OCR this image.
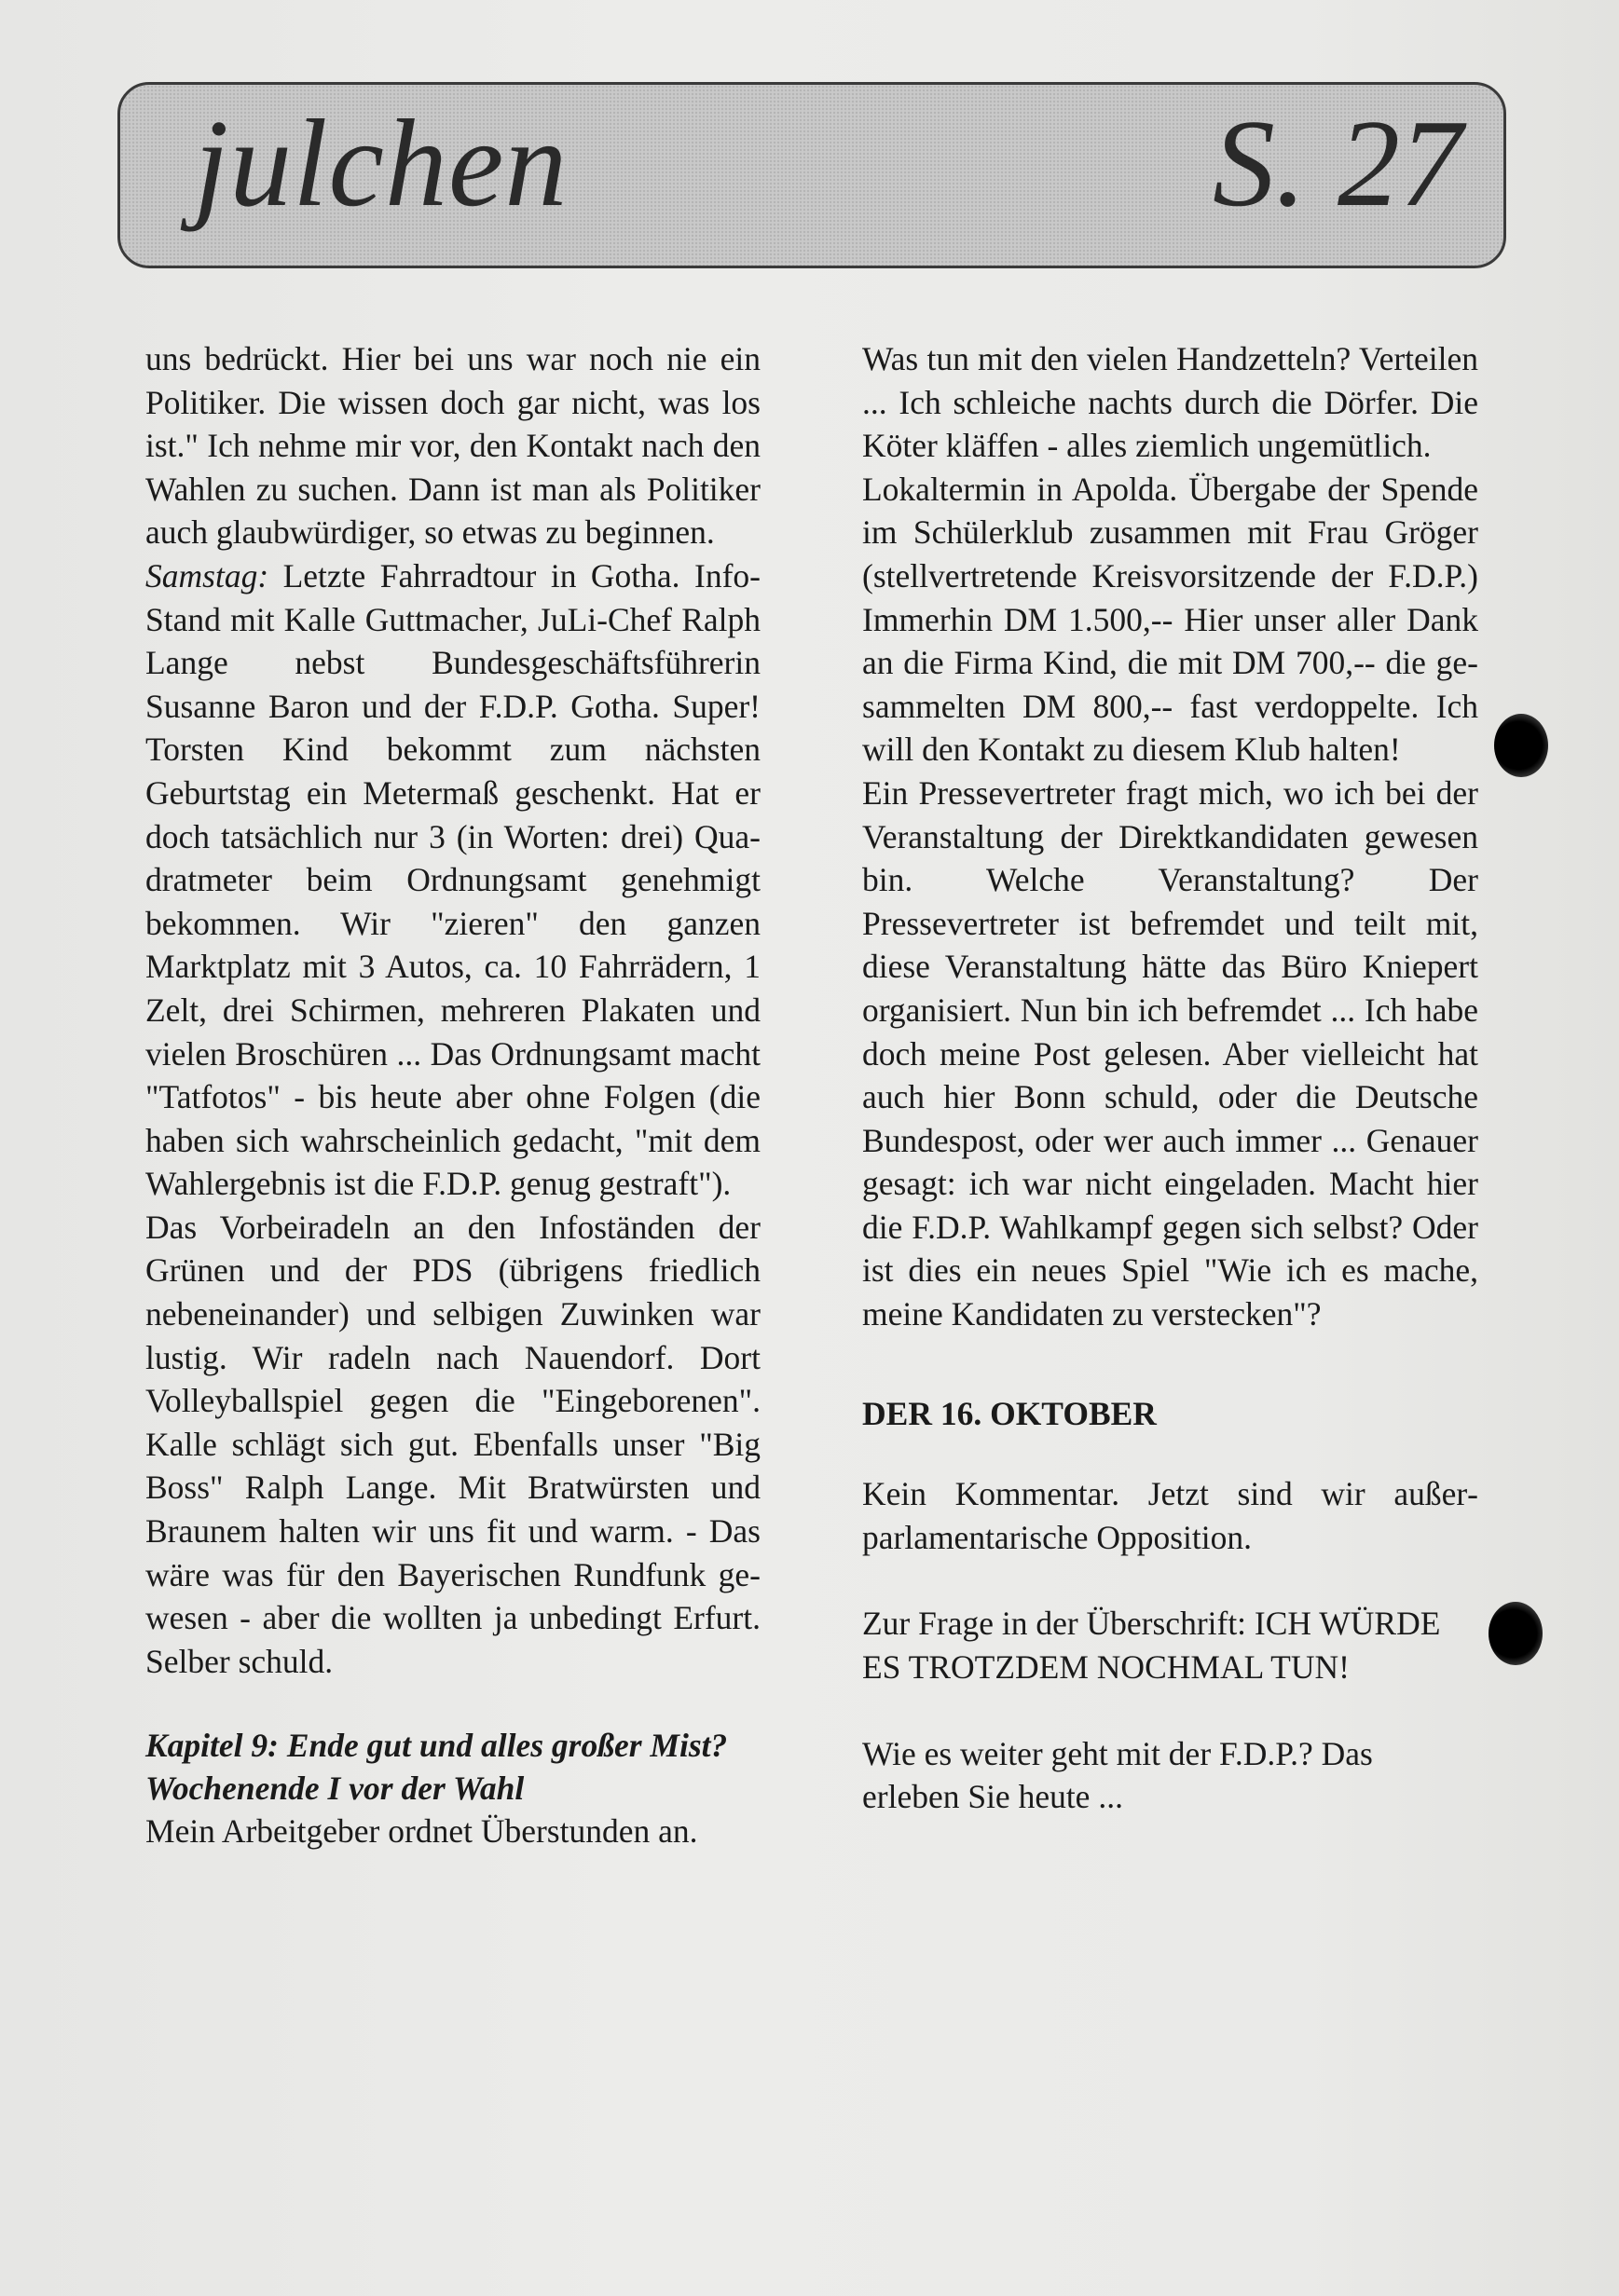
julchen	S. 27

uns bedrückt. Hier bei uns war noch nie ein Politiker. Die wissen doch gar nicht, was los ist." Ich nehme mir vor, den Kontakt nach den Wahlen zu suchen. Dann ist man als Politiker auch glaubwürdiger, so etwas zu beginnen.

Samstag: Letzte Fahrradtour in Gotha. Info-Stand mit Kalle Guttmacher, JuLi-Chef Ralph Lange nebst Bundesgeschäftsführerin Susanne Baron und der F.D.P. Gotha. Super! Torsten Kind bekommt zum nächsten Geburtstag ein Metermaß geschenkt. Hat er doch tatsächlich nur 3 (in Worten: drei) Quadratmeter beim Ordnungsamt genehmigt bekommen. Wir "zieren" den ganzen Marktplatz mit 3 Autos, ca. 10 Fahrrädern, 1 Zelt, drei Schirmen, mehreren Plakaten und vielen Broschüren ... Das Ordnungsamt macht "Tatfotos" - bis heute aber ohne Folgen (die haben sich wahrscheinlich gedacht, "mit dem Wahlergebnis ist die F.D.P. genug gestraft").

Das Vorbeiradeln an den Infoständen der Grünen und der PDS (übrigens friedlich nebeneinander) und selbigen Zuwinken war lustig. Wir radeln nach Nauendorf. Dort Volleyballspiel gegen die "Eingeborenen". Kalle schlägt sich gut. Ebenfalls unser "Big Boss" Ralph Lange. Mit Bratwürsten und Braunem halten wir uns fit und warm. - Das wäre was für den Bayerischen Rundfunk gewesen - aber die wollten ja unbedingt Erfurt. Selber schuld.

Kapitel 9: Ende gut und alles großer Mist? Wochenende I vor der Wahl

Mein Arbeitgeber ordnet Überstunden an.

Was tun mit den vielen Handzetteln? Verteilen ... Ich schleiche nachts durch die Dörfer. Die Köter kläffen - alles ziemlich ungemütlich.

Lokaltermin in Apolda. Übergabe der Spende im Schülerklub zusammen mit Frau Gröger (stellvertretende Kreisvorsitzende der F.D.P.) Immerhin DM 1.500,-- Hier unser aller Dank an die Firma Kind, die mit DM 700,-- die gesammelten DM 800,-- fast verdoppelte. Ich will den Kontakt zu diesem Klub halten!

Ein Pressevertreter fragt mich, wo ich bei der Veranstaltung der Direktkandidaten gewesen bin. Welche Veranstaltung? Der Pressevertreter ist befremdet und teilt mit, diese Veranstaltung hätte das Büro Kniepert organisiert. Nun bin ich befremdet ... Ich habe doch meine Post gelesen. Aber vielleicht hat auch hier Bonn schuld, oder die Deutsche Bundespost, oder wer auch immer ... Genauer gesagt: ich war nicht eingeladen. Macht hier die F.D.P. Wahlkampf gegen sich selbst? Oder ist dies ein neues Spiel "Wie ich es mache, meine Kandidaten zu verstecken"?

DER 16. OKTOBER

Kein Kommentar. Jetzt sind wir außerparlamentarische Opposition.

Zur Frage in der Überschrift: ICH WÜRDE ES TROTZDEM NOCHMAL TUN!

Wie es weiter geht mit der F.D.P.? Das erleben Sie heute ...
